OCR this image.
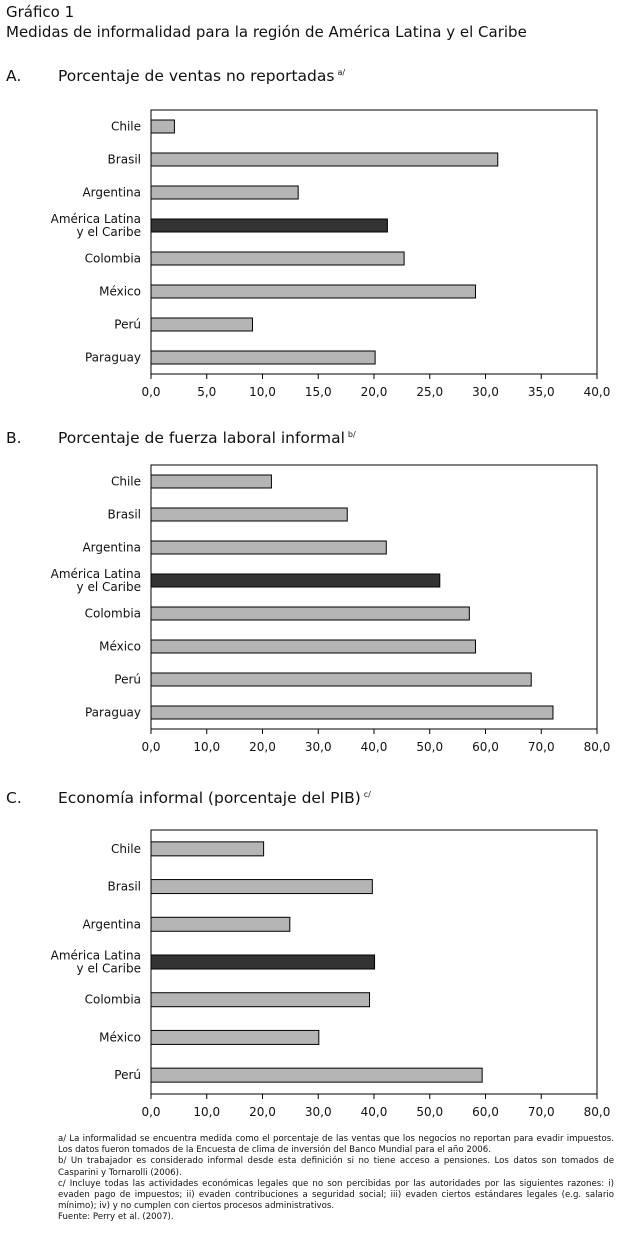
Gráfico 1
Medidas de informalidad para la región de América Latina y el Caribe
A. Porcentaje de ventas no reportadas $^{a/}$
Chile
Brasil
Argentina
América Latina y el Caribe
Colombia
México
Perú
Paraguay
0,0	5,0	10,0 15,0 20,0 25,0 30,0 35,0 40,0
B. Porcentaje de fuerza laboral informal $^{b/}$
Chile
Brasil
Argentina
América Latina y el Caribe
Colombia
México
Perú
Paraguay
0,0	10,0 20,0 30,0 40,0 50,0 60,0 70,0 80,0
C. Economía informal (porcentaje del PIB) $^{c/}$
Chile
Brasil
Argentina
América Latina y el Caribe
Colombia
México
Perú
0,0	10,0 20,0 30,0 40,0 50,0 60,0 70,0 80,0

a/ La informalidad se encuentra medida como el porcentaje de las ventas que los negocios no reportan para evadir impuestos. Los datos fueron tomados de la Encuesta de clima de inversión del Banco Mundial para el año 2006.

b/ Un trabajador es considerado informal desde esta definición si no tiene acceso a pensiones. Los datos son tomados de Casparini y Tornarolli (2006).

c/ Incluye todas las actividades económicas legales que no son percibidas por las autoridades por las siguientes razones: i) evaden pago de impuestos; ii) evaden contribuciones a seguridad social; iii) evaden ciertos estándares legales (e.g. salario mínimo); iv) y no cumplen con ciertos procesos administrativos.

Fuente: Perry et al. (2007).
